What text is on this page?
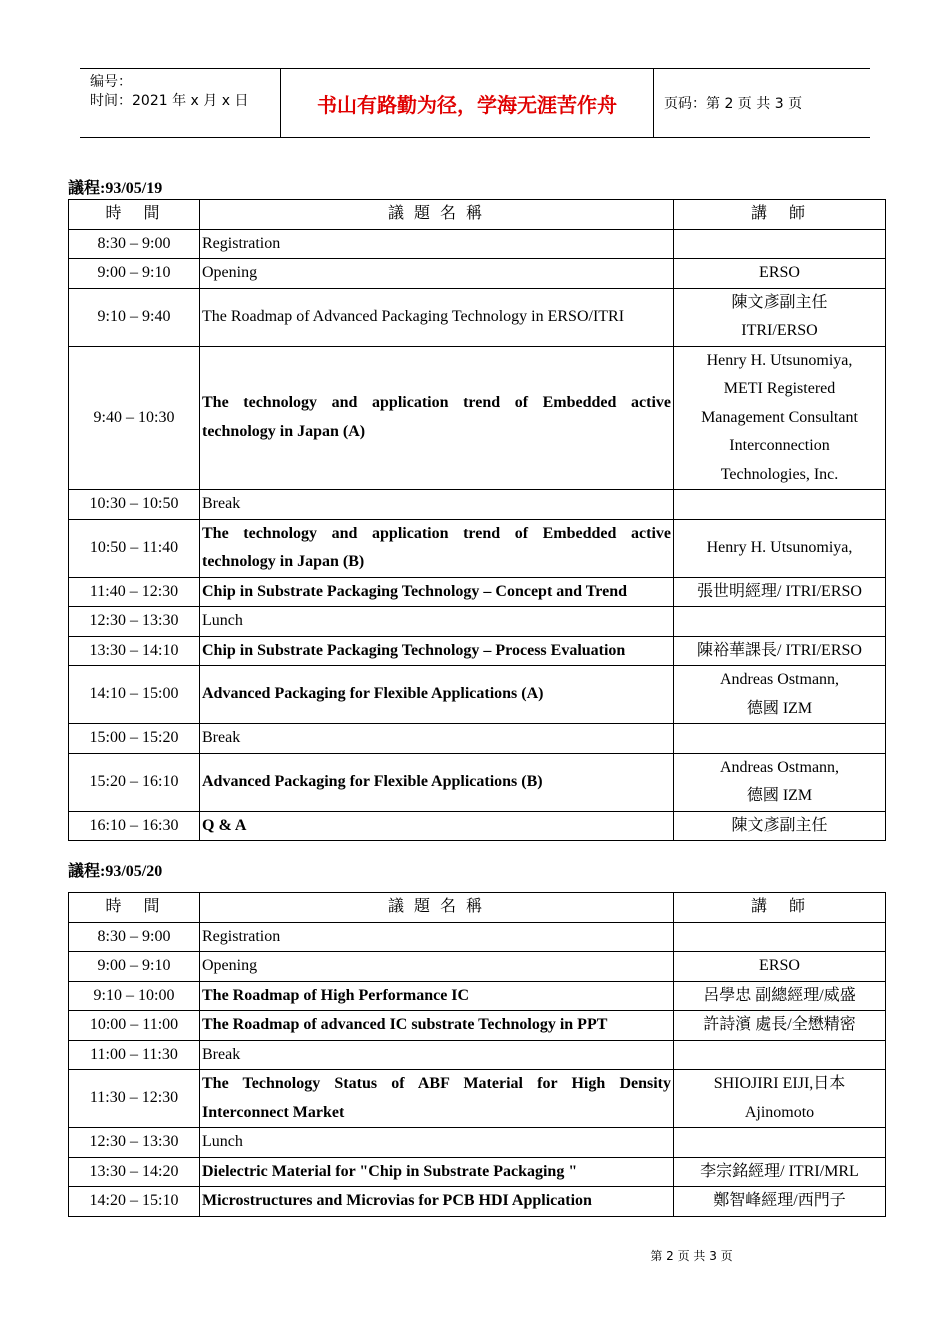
编号：
时间：2021 年 x 月 x 日	书山有路勤为径，学海无涯苦作舟	页码：第 2 页 共 3 页
議程:93/05/19
時　間	議 題 名 稱	講　師
8:30 – 9:00	Registration	
9:00 – 9:10	Opening	ERSO
9:10 – 9:40	The Roadmap of Advanced Packaging Technology in ERSO/ITRI	陳文彥副主任
ITRI/ERSO
9:40 – 10:30	The technology and application trend of Embedded active technology in Japan (A)	Henry H. Utsunomiya,
METI Registered
Management Consultant
Interconnection
Technologies, Inc.
10:30 – 10:50	Break	
10:50 – 11:40	The technology and application trend of Embedded active technology in Japan (B)	Henry H. Utsunomiya,

11:40 – 12:30	Chip in Substrate Packaging Technology – Concept and Trend	張世明經理/ ITRI/ERSO
12:30 – 13:30	Lunch	
13:30 – 14:10	Chip in Substrate Packaging Technology – Process Evaluation	陳裕華課長/ ITRI/ERSO
14:10 – 15:00	Advanced Packaging for Flexible Applications (A)	Andreas Ostmann,
德國 IZM
15:00 – 15:20	Break	
15:20 – 16:10	Advanced Packaging for Flexible Applications (B)	Andreas Ostmann,
德國 IZM
16:10 – 16:30	Q & A	陳文彥副主任
議程:93/05/20
時　間	議 題 名 稱	講　師
8:30 – 9:00	Registration	
9:00 – 9:10	Opening	ERSO
9:10 – 10:00	The Roadmap of High Performance IC	呂學忠 副總經理/威盛
10:00 – 11:00	The Roadmap of advanced IC substrate Technology in PPT	許詩濱 處長/全懋精密
11:00 – 11:30	Break	
11:30 – 12:30	The Technology Status of ABF Material for High Density Interconnect Market	SHIOJIRI EIJI,日本
Ajinomoto
12:30 – 13:30	Lunch	
13:30 – 14:20	Dielectric Material for "Chip in Substrate Packaging "	李宗銘經理/ ITRI/MRL
14:20 – 15:10	Microstructures and Microvias for PCB HDI Application	鄭智峰經理/西門子
第 2 页 共 3 页
